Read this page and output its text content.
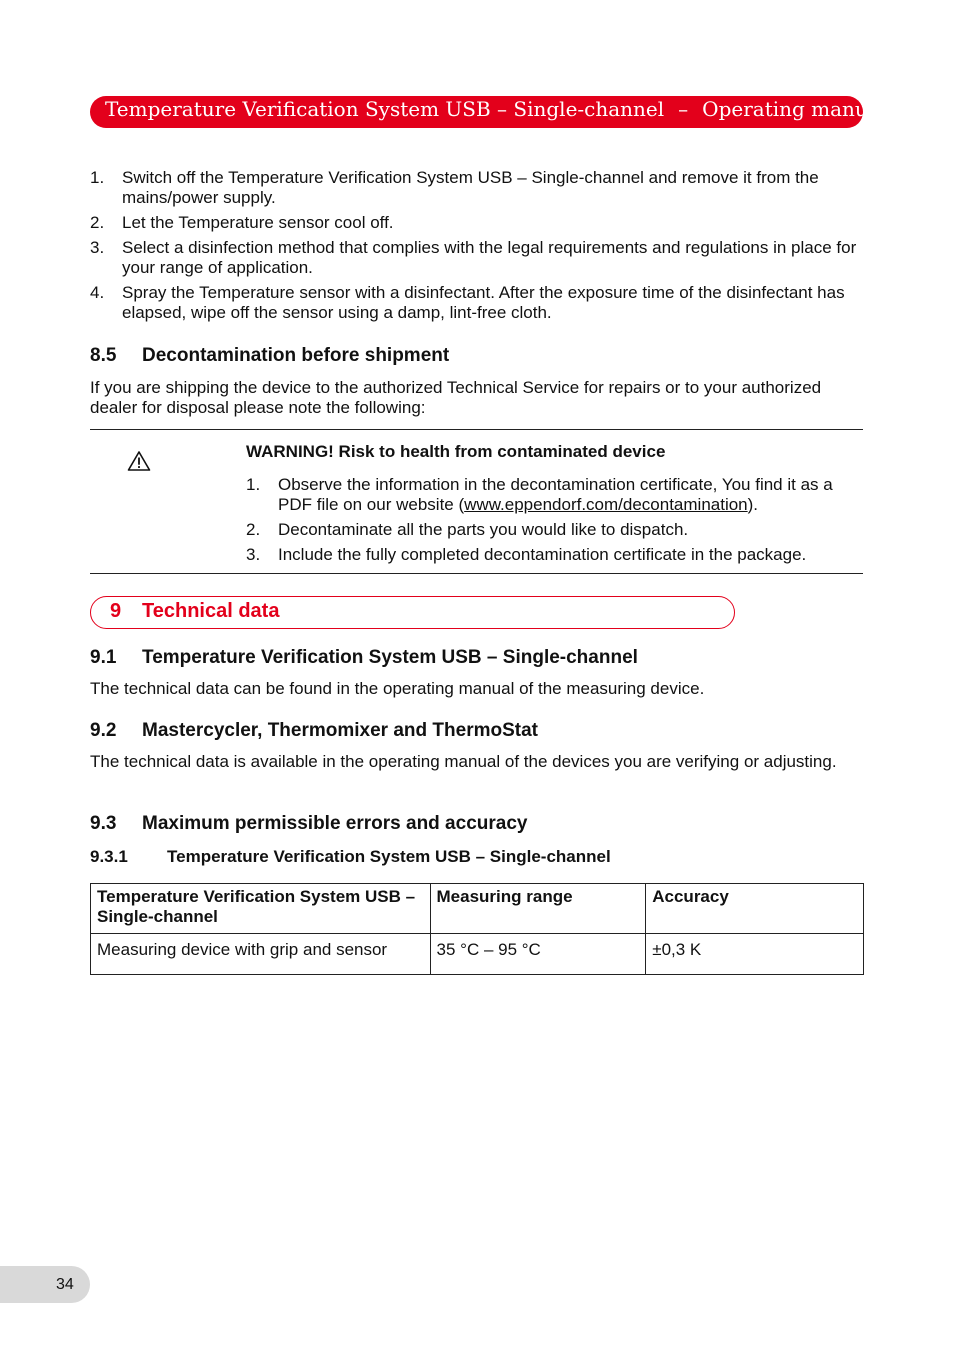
Temperature Verification System USB – Single-channel – Operating manual
1. Switch off the Temperature Verification System USB – Single-channel and remove it from the mains/power supply.
2. Let the Temperature sensor cool off.
3. Select a disinfection method that complies with the legal requirements and regulations in place for your range of application.
4. Spray the Temperature sensor with a disinfectant. After the exposure time of the disinfectant has elapsed, wipe off the sensor using a damp, lint-free cloth.
8.5 Decontamination before shipment

If you are shipping the device to the authorized Technical Service for repairs or to your authorized dealer for disposal please note the following:

WARNING! Risk to health from contaminated device
1. Observe the information in the decontamination certificate, You find it as a PDF file on our website (www.eppendorf.com/decontamination).
2. Decontaminate all the parts you would like to dispatch.
3. Include the fully completed decontamination certificate in the package.
9 Technical data
9.1 Temperature Verification System USB – Single-channel

The technical data can be found in the operating manual of the measuring device.

9.2 Mastercycler, Thermomixer and ThermoStat

The technical data is available in the operating manual of the devices you are verifying or adjusting.

9.3 Maximum permissible errors and accuracy
9.3.1 Temperature Verification System USB – Single-channel
Temperature Verification System USB – Single-channel	Measuring range	Accuracy
Measuring device with grip and sensor	35 °C – 95 °C	±0,3 K
34
